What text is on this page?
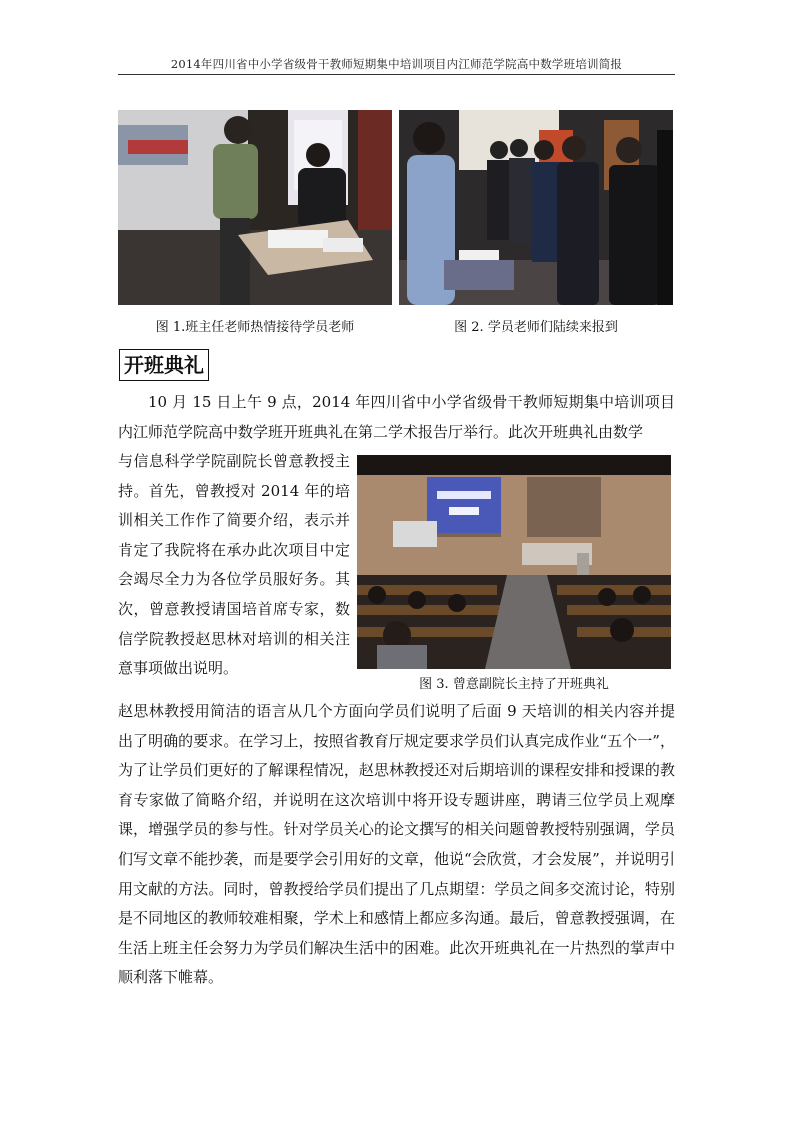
2014年四川省中小学省级骨干教师短期集中培训项目内江师范学院高中数学班培训简报
图 1.班主任老师热情接待学员老师	图 2. 学员老师们陆续来报到
开班典礼

10 月 15 日上午 9 点，2014 年四川省中小学省级骨干教师短期集中培训项目内江师范学院高中数学班开班典礼在第二学术报告厅举行。此次开班典礼由数学

与信息科学学院副院长曾意教授主持。首先，曾教授对 2014 年的培训相关工作作了简要介绍，表示并肯定了我院将在承办此次项目中定会竭尽全力为各位学员服好务。其次，曾意教授请国培首席专家，数信学院教授赵思林对培训的相关注意事项做出说明。

图 3. 曾意副院长主持了开班典礼

赵思林教授用简洁的语言从几个方面向学员们说明了后面 9 天培训的相关内容并提出了明确的要求。在学习上，按照省教育厅规定要求学员们认真完成作业“五个一”，为了让学员们更好的了解课程情况，赵思林教授还对后期培训的课程安排和授课的教育专家做了简略介绍，并说明在这次培训中将开设专题讲座，聘请三位学员上观摩课，增强学员的参与性。针对学员关心的论文撰写的相关问题曾教授特别强调，学员们写文章不能抄袭，而是要学会引用好的文章，他说“会欣赏，才会发展”，并说明引用文献的方法。同时，曾教授给学员们提出了几点期望：学员之间多交流讨论，特别是不同地区的教师较难相聚，学术上和感情上都应多沟通。最后，曾意教授强调，在生活上班主任会努力为学员们解决生活中的困难。此次开班典礼在一片热烈的掌声中顺利落下帷幕。
